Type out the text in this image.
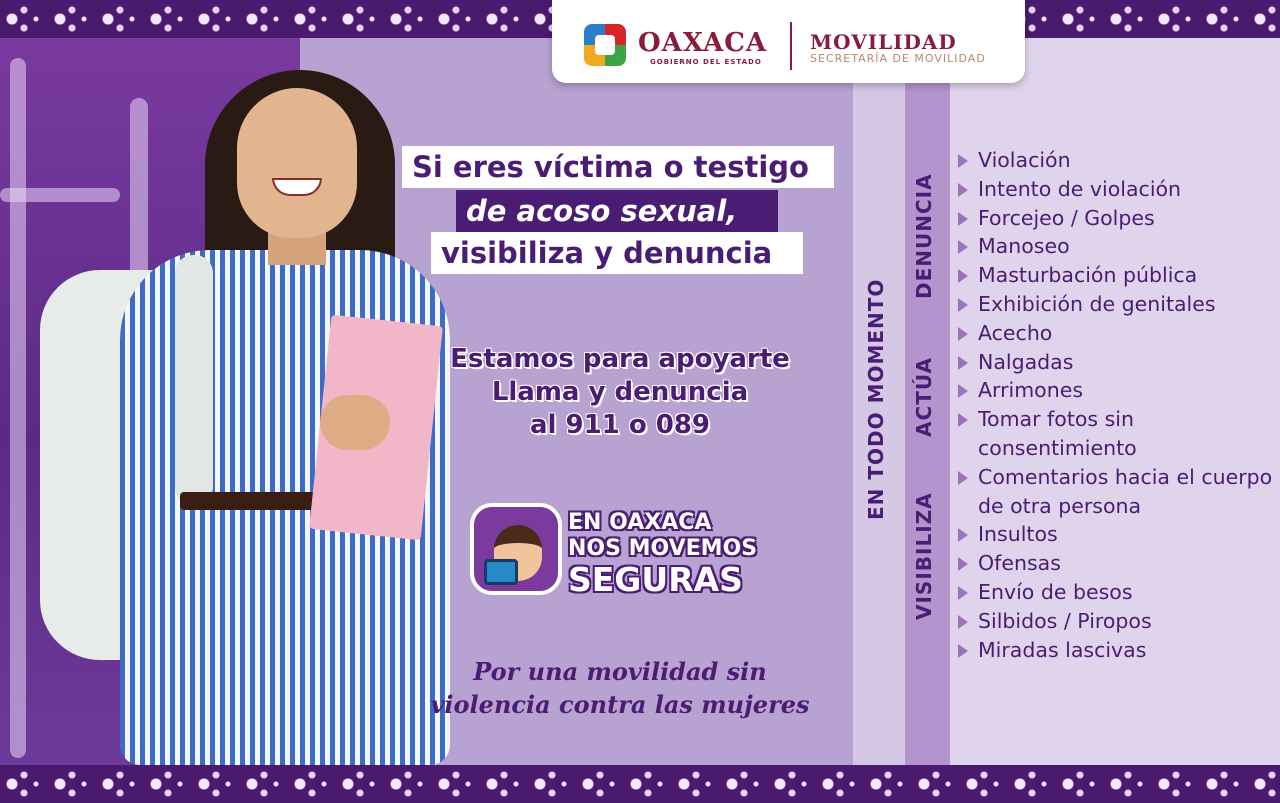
Si eres víctima o testigo
de acoso sexual,
visibiliza y denuncia
Estamos para apoyarte
Llama y denuncia
al 911 o 089
EN OAXACA
NOS MOVEMOS
SEGURAS
Por una movilidad sin
violencia contra las mujeres
EN TODO MOMENTO
VISIBILIZA
ACTÚA
DENUNCIA
Violación
Intento de violación
Forcejeo / Golpes
Manoseo
Masturbación pública
Exhibición de genitales
Acecho
Nalgadas
Arrimones
Tomar fotos sin consentimiento
Comentarios hacia el cuerpo de otra persona
Insultos
Ofensas
Envío de besos
Silbidos / Piropos
Miradas lascivas
OAXACA
GOBIERNO DEL ESTADO
MOVILIDAD
SECRETARÍA DE MOVILIDAD
